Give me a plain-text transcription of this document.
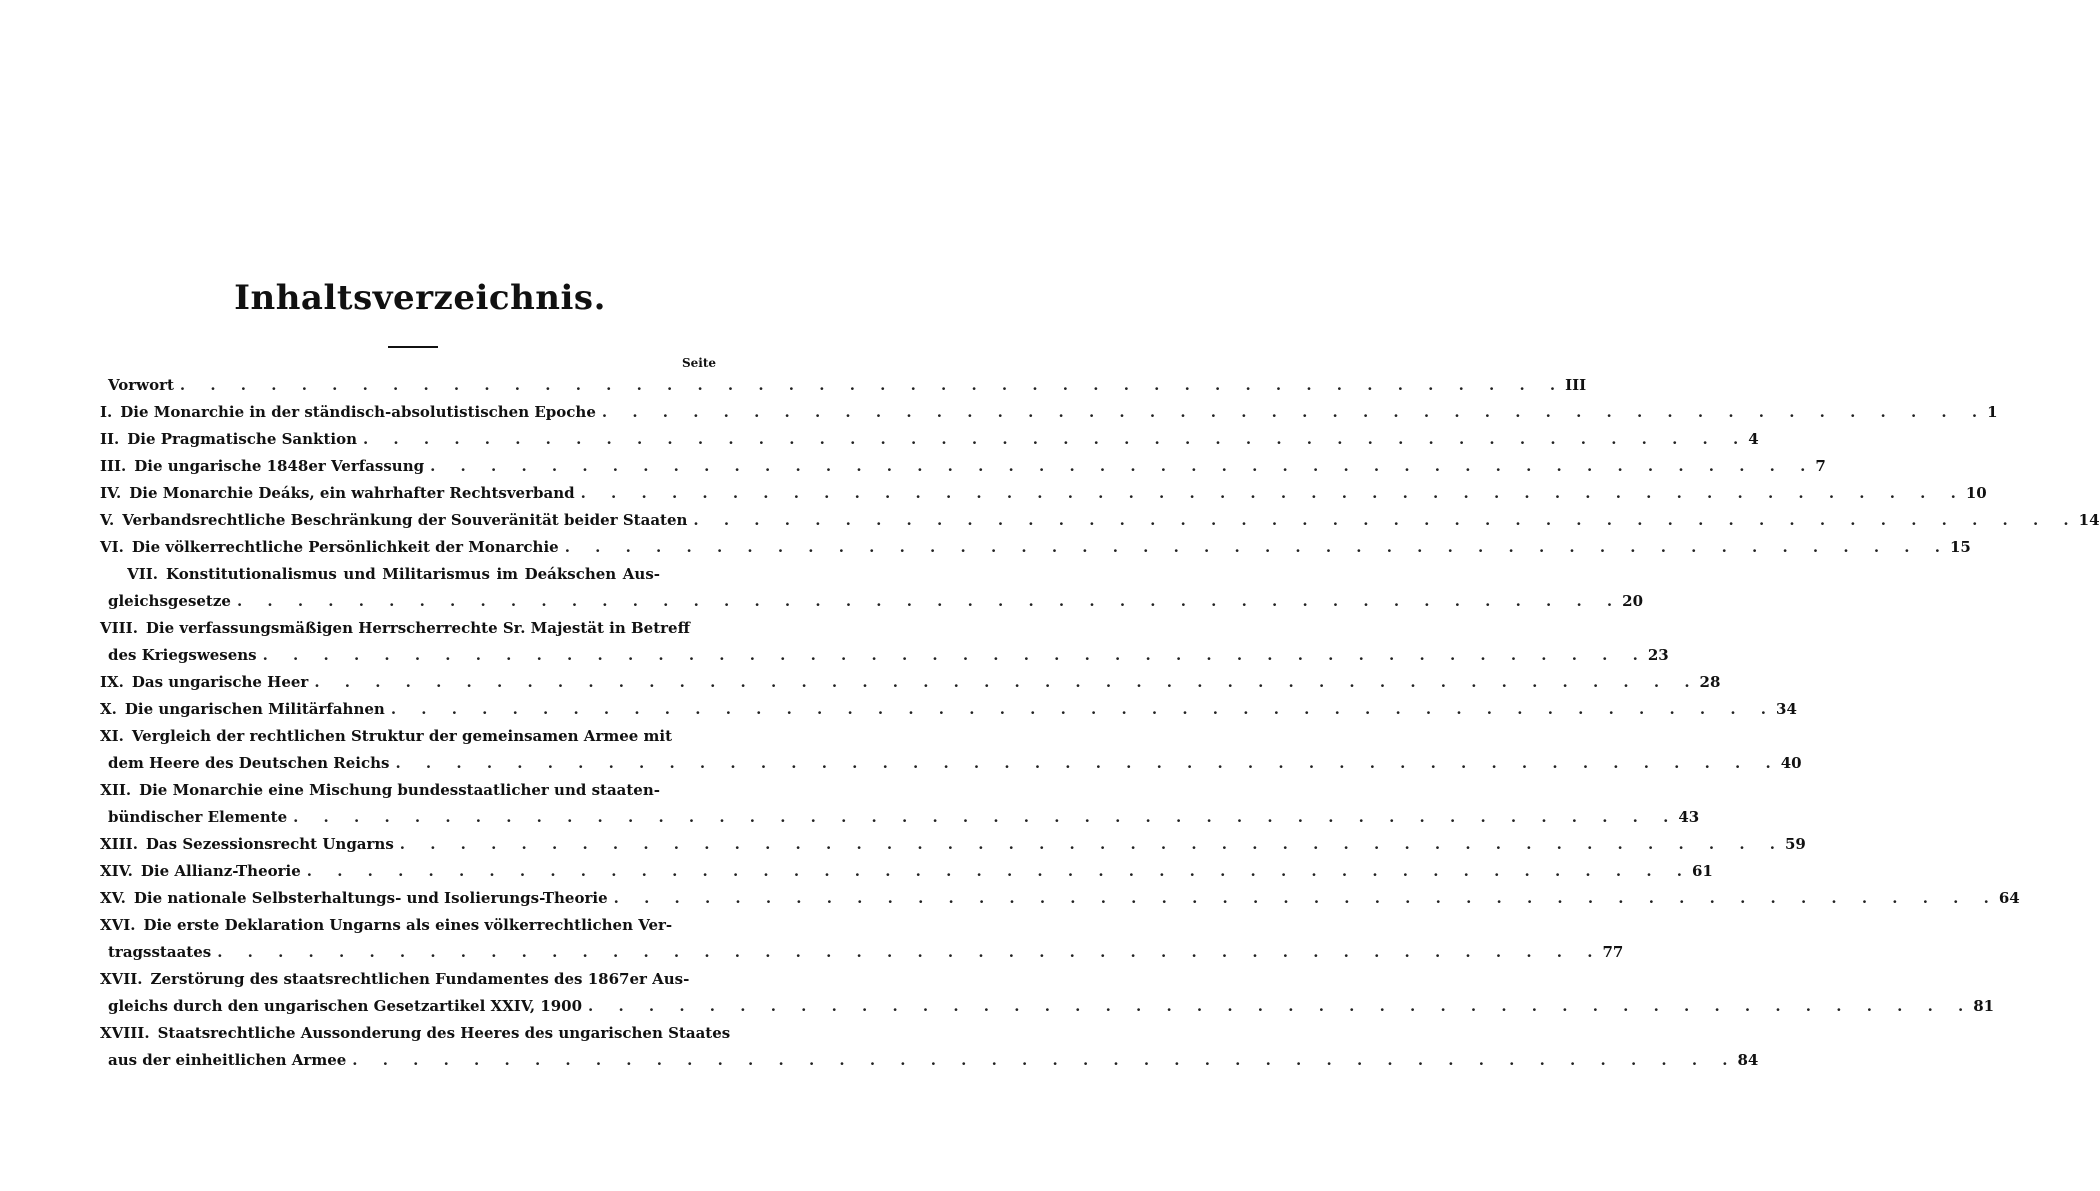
Inhaltsverzeichnis.
Seite
Vorwort . . .	III
I. Die Monarchie in der ständisch-absolutistischen Epoche . . .	1
II. Die Pragmatische Sanktion . . .	4
III. Die ungarische 1848er Verfassung . . .	7
IV. Die Monarchie Deáks, ein wahrhafter Rechtsverband . . .	10
V. Verbandsrechtliche Beschränkung der Souveränität beider Staaten . . .	14
VI. Die völkerrechtliche Persönlichkeit der Monarchie . . .	15
VII. Konstitutionalismus und Militarismus im Deákschen Aus-
gleichsgesetze . . .	20
VIII. Die verfassungsmäßigen Herrscherrechte Sr. Majestät in Betreff
des Kriegswesens . . .	23
IX. Das ungarische Heer . . .	28
X. Die ungarischen Militärfahnen . . .	34
XI. Vergleich der rechtlichen Struktur der gemeinsamen Armee mit
dem Heere des Deutschen Reichs . . .	40
XII. Die Monarchie eine Mischung bundesstaatlicher und staaten-
bündischer Elemente . . .	43
XIII. Das Sezessionsrecht Ungarns . . .	59
XIV. Die Allianz-Theorie . . .	61
XV. Die nationale Selbsterhaltungs- und Isolierungs-Theorie . . .	64
XVI. Die erste Deklaration Ungarns als eines völkerrechtlichen Ver-
tragsstaates . . .	77
XVII. Zerstörung des staatsrechtlichen Fundamentes des 1867er Aus-
gleichs durch den ungarischen Gesetzartikel XXIV, 1900 . . .	81
XVIII. Staatsrechtliche Aussonderung des Heeres des ungarischen Staates
aus der einheitlichen Armee . . .	84
